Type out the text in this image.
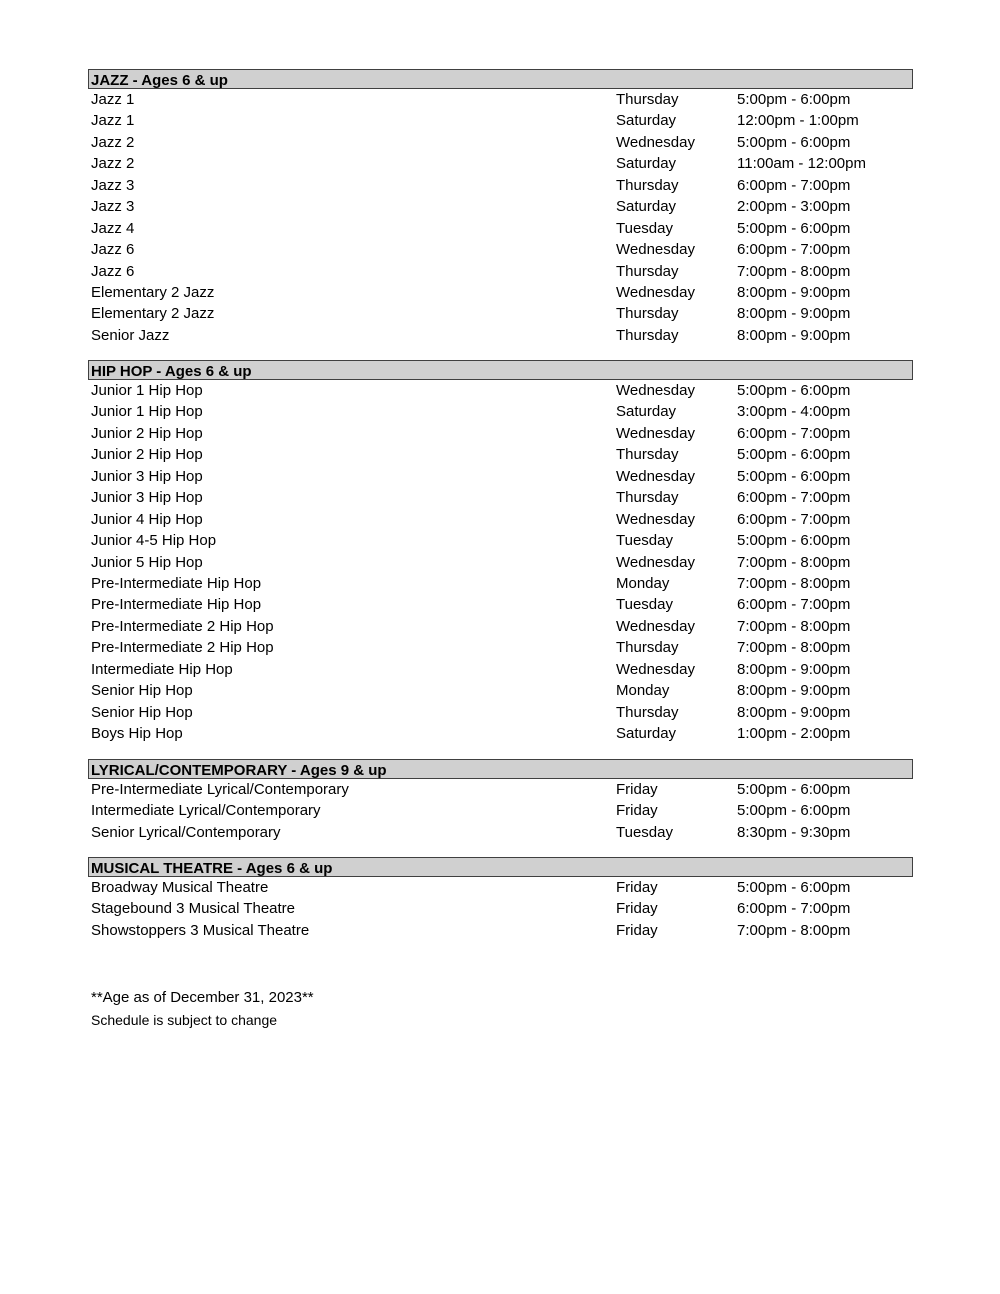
JAZZ - Ages 6 & up
Jazz 1	Thursday	5:00pm - 6:00pm
Jazz 1	Saturday	12:00pm - 1:00pm
Jazz 2	Wednesday	5:00pm - 6:00pm
Jazz 2	Saturday	11:00am - 12:00pm
Jazz 3	Thursday	6:00pm - 7:00pm
Jazz 3	Saturday	2:00pm - 3:00pm
Jazz 4	Tuesday	5:00pm - 6:00pm
Jazz 6	Wednesday	6:00pm - 7:00pm
Jazz 6	Thursday	7:00pm - 8:00pm
Elementary 2 Jazz	Wednesday	8:00pm - 9:00pm
Elementary 2 Jazz	Thursday	8:00pm - 9:00pm
Senior Jazz	Thursday	8:00pm - 9:00pm
HIP HOP - Ages 6 & up
Junior 1 Hip Hop	Wednesday	5:00pm - 6:00pm
Junior 1 Hip Hop	Saturday	3:00pm - 4:00pm
Junior 2 Hip Hop	Wednesday	6:00pm - 7:00pm
Junior 2 Hip Hop	Thursday	5:00pm - 6:00pm
Junior 3 Hip Hop	Wednesday	5:00pm - 6:00pm
Junior 3 Hip Hop	Thursday	6:00pm - 7:00pm
Junior 4 Hip Hop	Wednesday	6:00pm - 7:00pm
Junior 4-5 Hip Hop	Tuesday	5:00pm - 6:00pm
Junior 5 Hip Hop	Wednesday	7:00pm - 8:00pm
Pre-Intermediate Hip Hop	Monday	7:00pm - 8:00pm
Pre-Intermediate Hip Hop	Tuesday	6:00pm - 7:00pm
Pre-Intermediate 2 Hip Hop	Wednesday	7:00pm - 8:00pm
Pre-Intermediate 2 Hip Hop	Thursday	7:00pm - 8:00pm
Intermediate Hip Hop	Wednesday	8:00pm - 9:00pm
Senior Hip Hop	Monday	8:00pm - 9:00pm
Senior Hip Hop	Thursday	8:00pm - 9:00pm
Boys Hip Hop	Saturday	1:00pm - 2:00pm
LYRICAL/CONTEMPORARY - Ages 9 & up
Pre-Intermediate Lyrical/Contemporary	Friday	5:00pm - 6:00pm
Intermediate Lyrical/Contemporary	Friday	5:00pm - 6:00pm
Senior Lyrical/Contemporary	Tuesday	8:30pm - 9:30pm
MUSICAL THEATRE - Ages 6 & up
Broadway Musical Theatre	Friday	5:00pm - 6:00pm
Stagebound 3 Musical Theatre	Friday	6:00pm - 7:00pm
Showstoppers 3 Musical Theatre	Friday	7:00pm - 8:00pm
**Age as of December 31, 2023**
Schedule is subject to change
